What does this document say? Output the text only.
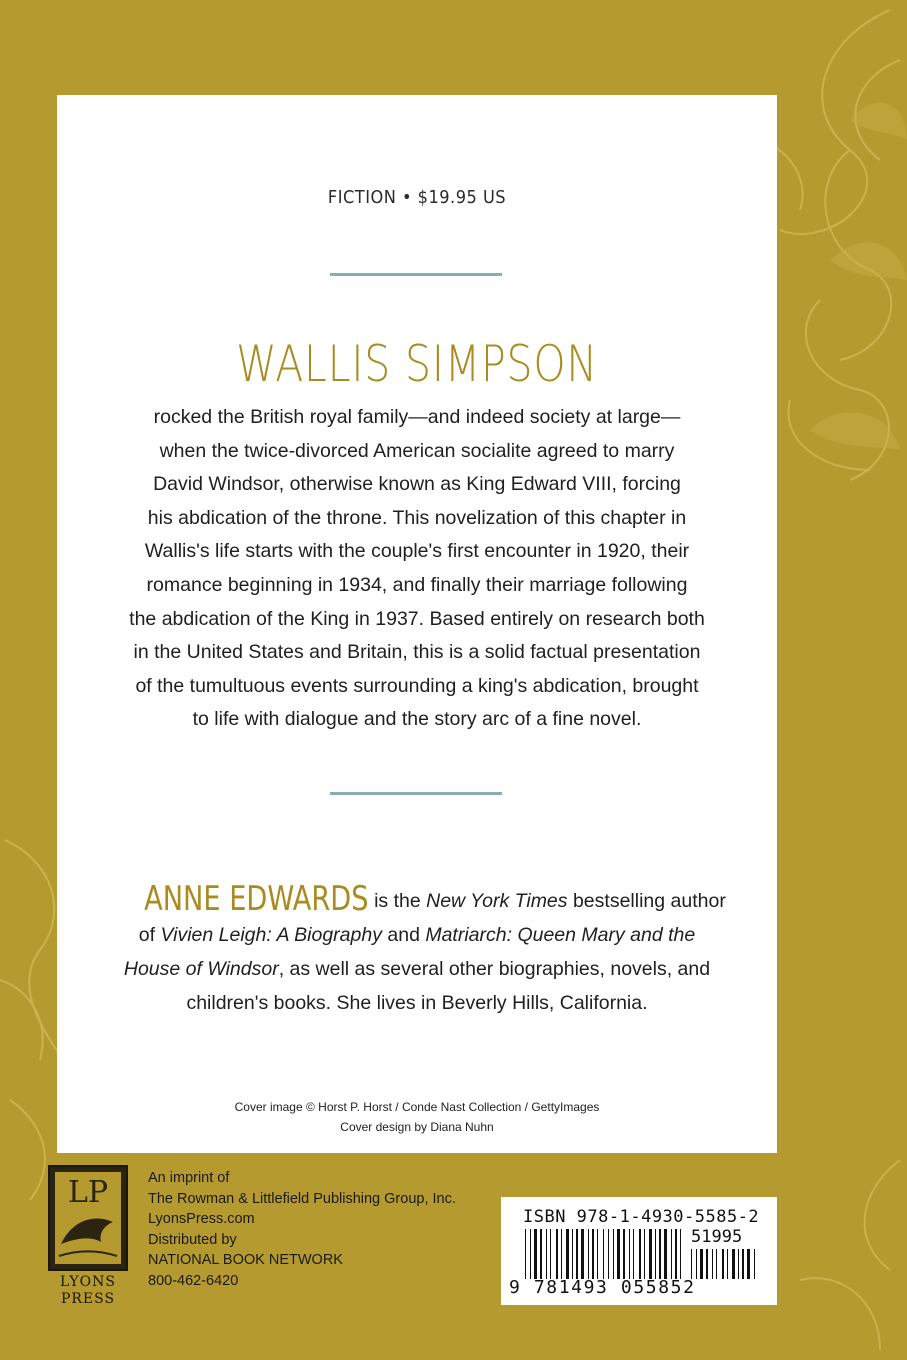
FICTION • $19.95 US
WALLIS SIMPSON
rocked the British royal family—and indeed society at large—
when the twice-divorced American socialite agreed to marry
David Windsor, otherwise known as King Edward VIII, forcing
his abdication of the throne. This novelization of this chapter in
Wallis's life starts with the couple's first encounter in 1920, their
romance beginning in 1934, and finally their marriage following
the abdication of the King in 1937. Based entirely on research both
in the United States and Britain, this is a solid factual presentation
of the tumultuous events surrounding a king's abdication, brought
to life with dialogue and the story arc of a fine novel.
ANNE EDWARDS is the New York Times bestselling author
of Vivien Leigh: A Biography and Matriarch: Queen Mary and the
House of Windsor, as well as several other biographies, novels, and
children's books. She lives in Beverly Hills, California.
Cover image © Horst P. Horst / Conde Nast Collection / GettyImages
Cover design by Diana Nuhn
LP
LYONS
PRESS
An imprint of
The Rowman & Littlefield Publishing Group, Inc.
LyonsPress.com
Distributed by
NATIONAL BOOK NETWORK
800-462-6420
ISBN 978-1-4930-5585-2
51995
9 781493 055852
